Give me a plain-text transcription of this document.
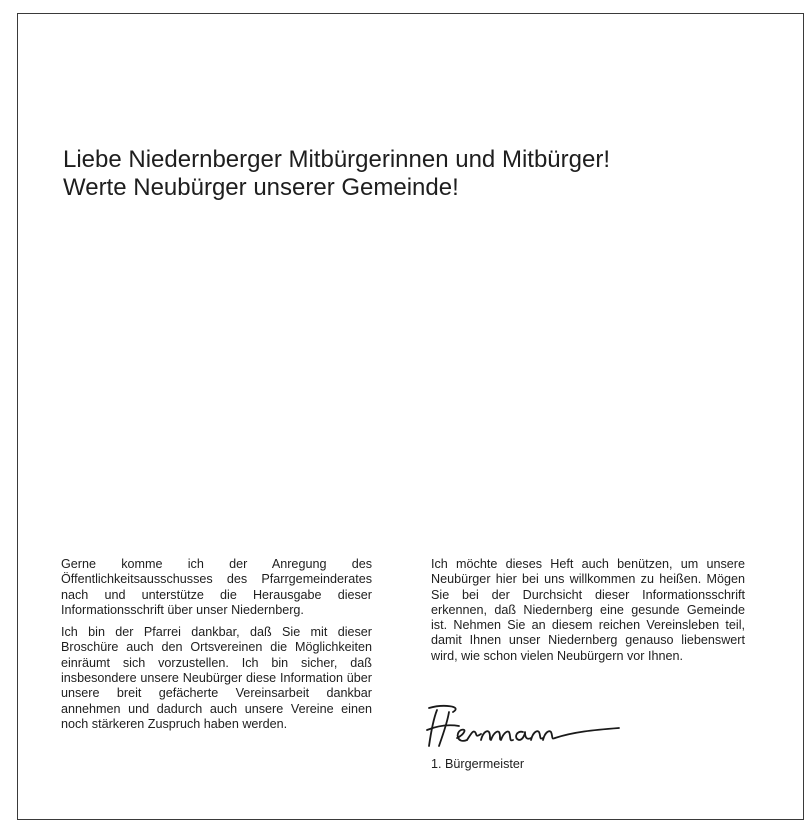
Liebe Niedernberger Mitbürgerinnen und Mitbürger!
Werte Neubürger unserer Gemeinde!

Gerne komme ich der Anregung des Öffentlichkeitsausschusses des Pfarrgemeinderates nach und unterstütze die Herausgabe dieser Informationsschrift über unser Niedernberg.

Ich bin der Pfarrei dankbar, daß Sie mit dieser Broschüre auch den Ortsvereinen die Möglichkeiten einräumt sich vorzustellen. Ich bin sicher, daß insbesondere unsere Neubürger diese Information über unsere breit gefächerte Vereinsarbeit dankbar annehmen und dadurch auch unsere Vereine einen noch stärkeren Zuspruch haben werden.

Ich möchte dieses Heft auch benützen, um unsere Neubürger hier bei uns willkommen zu heißen. Mögen Sie bei der Durchsicht dieser Informationsschrift erkennen, daß Niedernberg eine gesunde Gemeinde ist. Nehmen Sie an diesem reichen Vereinsleben teil, damit Ihnen unser Niedernberg genauso liebenswert wird, wie schon vielen Neubürgern vor Ihnen.

1. Bürgermeister
